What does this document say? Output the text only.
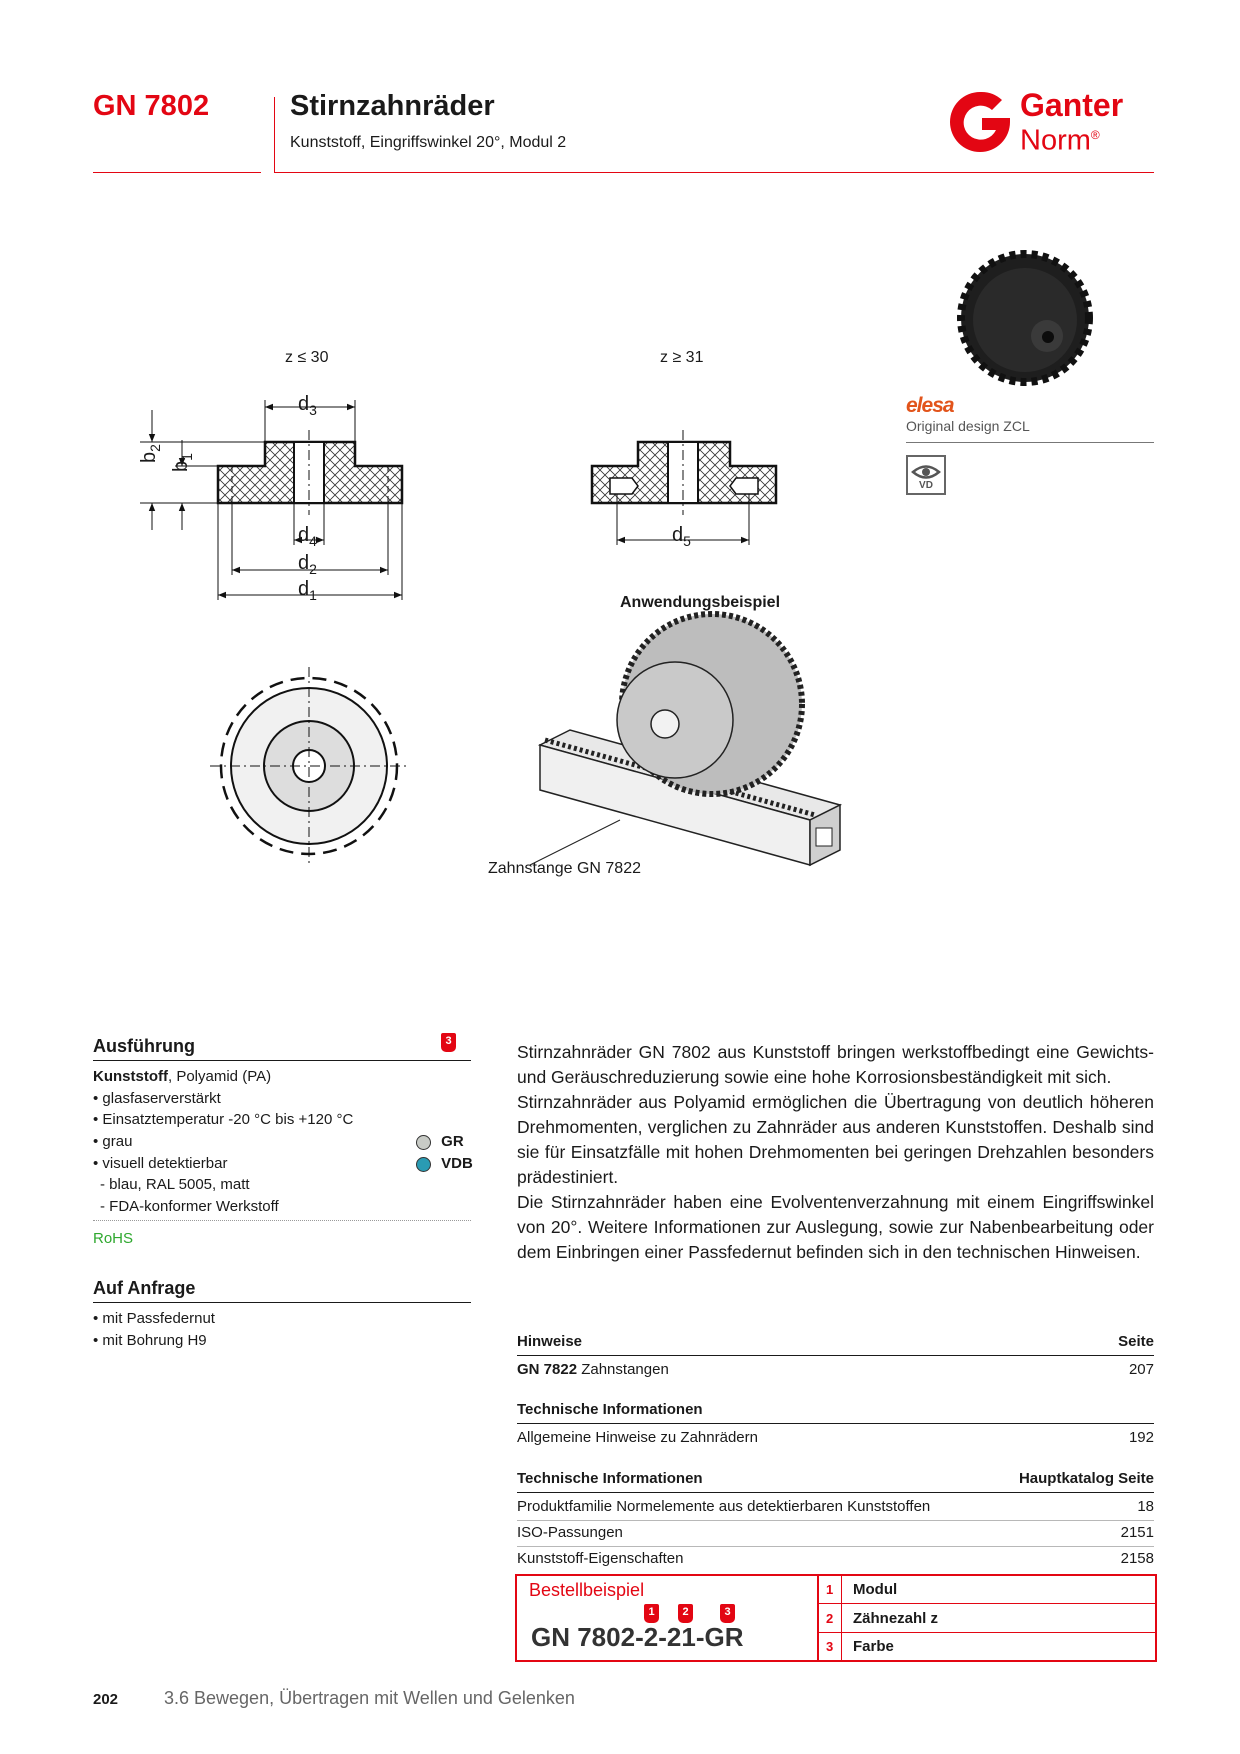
GN 7802	Stirnzahnräder
Kunststoff, Eingriffswinkel 20°, Modul 2
Ganter
Norm®
z ≤ 30	z ≥ 31
$d_3$
$d_4$
$d_2$
$d_1$
$d_5$
$b_2$
$b_1$
Anwendungsbeispiel
Zahnstange GN 7822
elesa
Original design ZCL
VD
Ausführung	3
Kunststoff, Polyamid (PA)
• glasfaserverstärkt
• Einsatztemperatur -20 °C bis +120 °C
• grau
• visuell detektierbar
- blau, RAL 5005, matt
- FDA-konformer Werkstoff
GR
VDB
RoHS
Auf Anfrage
• mit Passfedernut
• mit Bohrung H9
Stirnzahnräder GN 7802 aus Kunststoff bringen werkstoffbedingt eine Gewichts- und Geräuschreduzierung sowie eine hohe Korrosionsbeständigkeit mit sich.
Stirnzahnräder aus Polyamid ermöglichen die Übertragung von deutlich höheren Drehmomenten, verglichen zu Zahnräder aus anderen Kunststoffen. Deshalb sind sie für Einsatzfälle mit hohen Drehmomenten bei geringen Drehzahlen besonders prädestiniert.
Die Stirnzahnräder haben eine Evolventenverzahnung mit einem Eingriffswinkel von 20°. Weitere Informationen zur Auslegung, sowie zur Nabenbearbeitung oder dem Einbringen einer Passfedernut befinden sich in den technischen Hinweisen.
Hinweise	Seite
GN 7822 Zahnstangen	207
Technische Informationen
Allgemeine Hinweise zu Zahnrädern	192
Technische Informationen	Hauptkatalog Seite
Produktfamilie Normelemente aus detektierbaren Kunststoffen	18
ISO-Passungen	2151
Kunststoff-Eigenschaften	2158
Bestellbeispiel
1	2	3
GN 7802-2-21-GR
1 Modul
2 Zähnezahl z
3 Farbe
202	3.6 Bewegen, Übertragen mit Wellen und Gelenken
